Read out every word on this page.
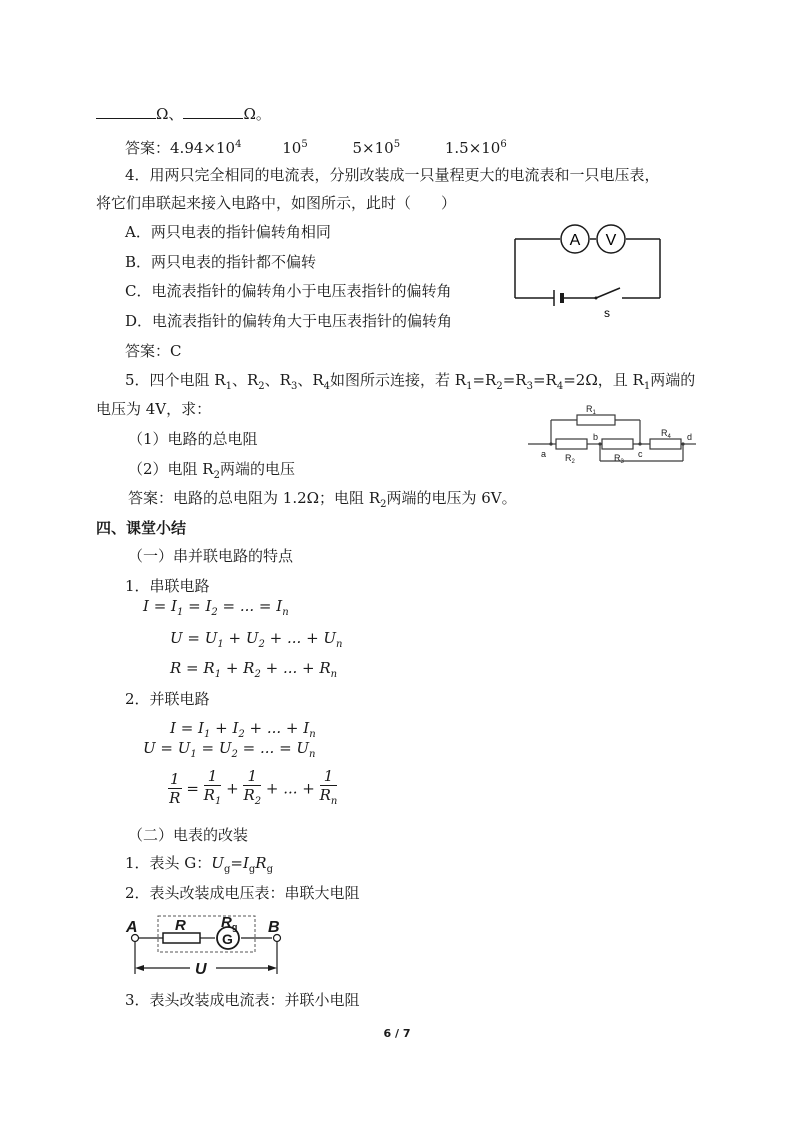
Ω、	Ω。
答案：$4.94\times 10^4$	$10^5$	$5\times 10^5$	$1.5\times 10^6$
4．用两只完全相同的电流表，分别改装成一只量程更大的电流表和一只电压表，
将它们串联起来接入电路中，如图所示，此时（　　）
A．两只电表的指针偏转角相同
B．两只电表的指针都不偏转
C．电流表指针的偏转角小于电压表指针的偏转角
D．电流表指针的偏转角大于电压表指针的偏转角
答案：C
A V
s
5．四个电阻 $R_1$、$R_2$、$R_3$、$R_4$如图所示连接，若 $R_1=R_2=R_3=R_4=2\Omega$，且 $R_1$两端的
电压为 4V，求：
（1）电路的总电阻
（2）电阻 $R_2$两端的电压
答案：电路的总电阻为 1.2Ω；电阻 $R_2$两端的电压为 6V。
$R_1$
$R_2$	$R_3$
$R_4$
a
b
c
d
四、课堂小结
（一）串并联电路的特点
1．串联电路
$I = I_1 = I_2$ = ... = $I_n$
$U = U_1 + U_2$ + ... + $U_n$
$R = R_1 + R_2$ + ... + $R_n$
2．并联电路
$I = I_1 + I_2$ + ... + $I_n$
$U = U_1 = U_2$ = ... = $U_n$
$\frac{1}{R} = \frac{1}{R_1} + \frac{1}{R_2}$ + ... + $\frac{1}{R_n}$
（二）电表的改装
1．表头 G：$U_g=I_gR_g$
2．表头改装成电压表：串联大电阻
A	B
R $R_g$
G
U
3．表头改装成电流表：并联小电阻
6 / 7
